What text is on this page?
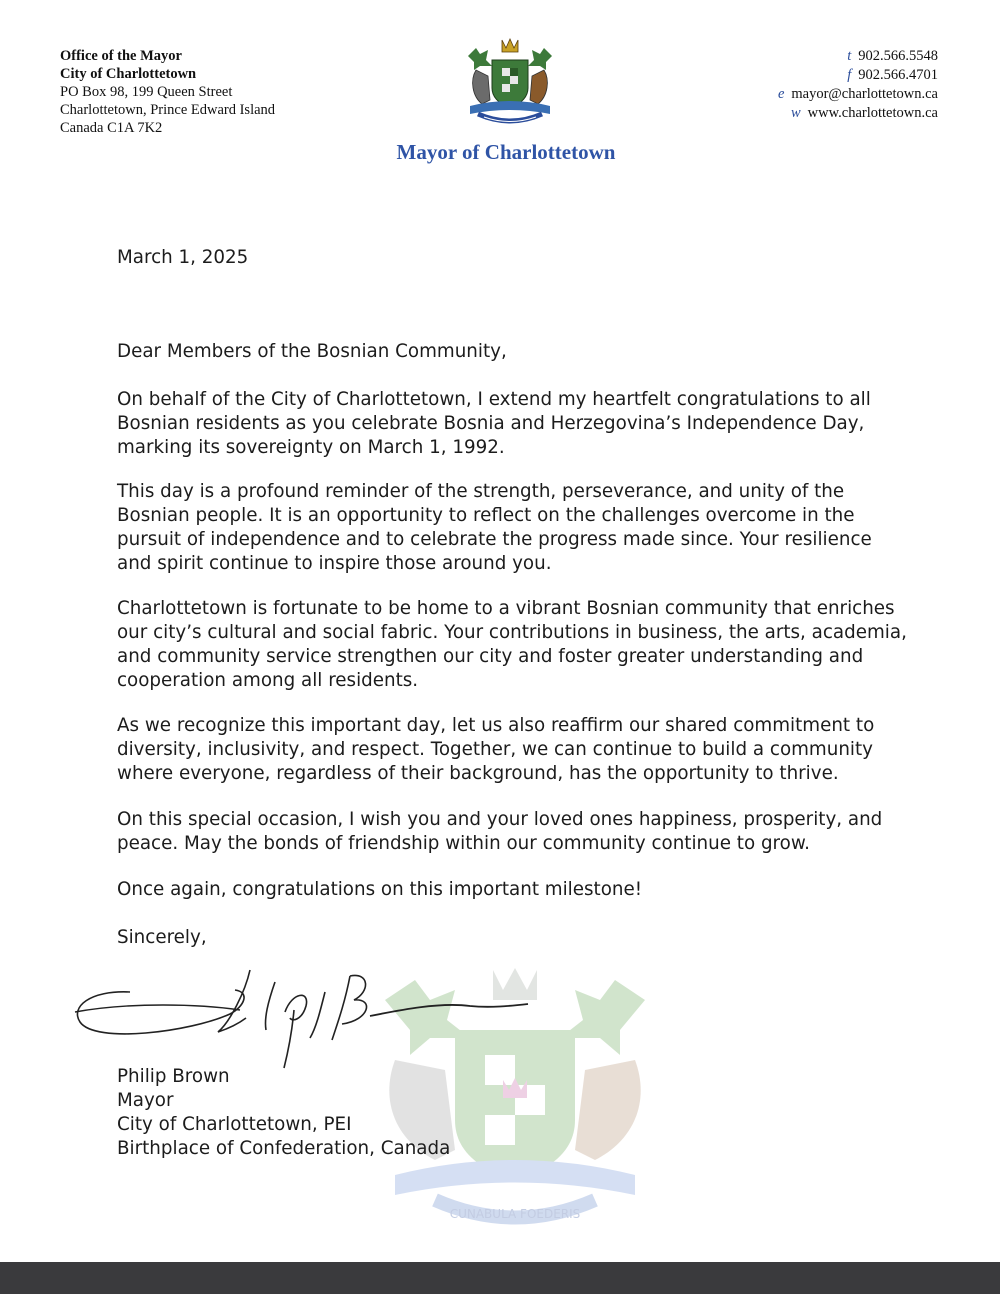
Office of the Mayor
City of Charlottetown
PO Box 98, 199 Queen Street
Charlottetown, Prince Edward Island
Canada C1A 7K2
t 902.566.5548
f 902.566.4701
e mayor@charlottetown.ca
w www.charlottetown.ca
Mayor of Charlottetown
CUNABULA FOEDERIS
March 1, 2025
Dear Members of the Bosnian Community,
On behalf of the City of Charlottetown, I extend my heartfelt congratulations to all Bosnian residents as you celebrate Bosnia and Herzegovina’s Independence Day, marking its sovereignty on March 1, 1992.
This day is a profound reminder of the strength, perseverance, and unity of the Bosnian people. It is an opportunity to reflect on the challenges overcome in the pursuit of independence and to celebrate the progress made since. Your resilience and spirit continue to inspire those around you.
Charlottetown is fortunate to be home to a vibrant Bosnian community that enriches our city’s cultural and social fabric. Your contributions in business, the arts, academia, and community service strengthen our city and foster greater understanding and cooperation among all residents.
As we recognize this important day, let us also reaffirm our shared commitment to diversity, inclusivity, and respect. Together, we can continue to build a community where everyone, regardless of their background, has the opportunity to thrive.
On this special occasion, I wish you and your loved ones happiness, prosperity, and peace. May the bonds of friendship within our community continue to grow.
Once again, congratulations on this important milestone!
Sincerely,

Philip Brown

Mayor

City of Charlottetown, PEI

Birthplace of Confederation, Canada
